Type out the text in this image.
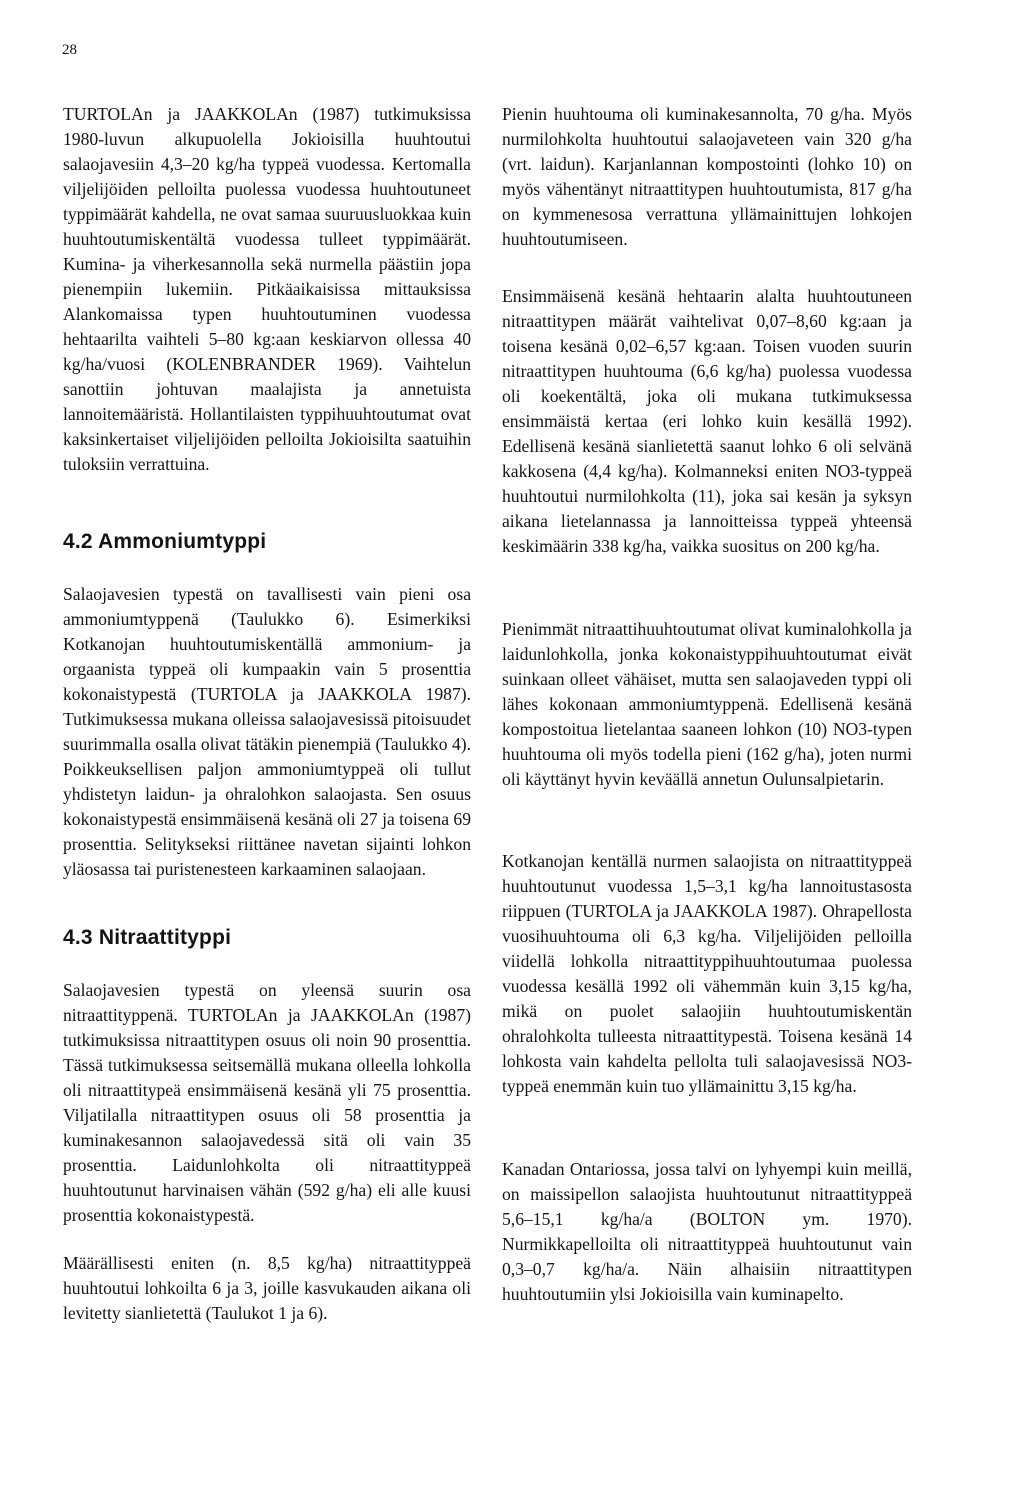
28

TURTOLAn ja JAAKKOLAn (1987) tutkimuksissa 1980-luvun alkupuolella Jokioisilla huuhtoutui salaojavesiin 4,3–20 kg/ha typpeä vuodessa. Kertomalla viljelijöiden pelloilta puolessa vuodessa huuhtoutuneet typpimäärät kahdella, ne ovat samaa suuruusluokkaa kuin huuhtoutumiskentältä vuodessa tulleet typpimäärät. Kumina- ja viherkesannolla sekä nurmella päästiin jopa pienempiin lukemiin. Pitkäaikaisissa mittauksissa Alankomaissa typen huuhtoutuminen vuodessa hehtaarilta vaihteli 5–80 kg:aan keskiarvon ollessa 40 kg/ha/vuosi (KOLENBRANDER 1969). Vaihtelun sanottiin johtuvan maalajista ja annetuista lannoitemääristä. Hollantilaisten typpihuuhtoutumat ovat kaksinkertaiset viljelijöiden pelloilta Jokioisilta saatuihin tuloksiin verrattuina.

4.2 Ammoniumtyppi

Salaojavesien typestä on tavallisesti vain pieni osa ammoniumtyppenä (Taulukko 6). Esimerkiksi Kotkanojan huuhtoutumiskentällä ammonium- ja orgaanista typpeä oli kumpaakin vain 5 prosenttia kokonaistypestä (TURTOLA ja JAAKKOLA 1987). Tutkimuksessa mukana olleissa salaojavesissä pitoisuudet suurimmalla osalla olivat tätäkin pienempiä (Taulukko 4). Poikkeuksellisen paljon ammoniumtyppeä oli tullut yhdistetyn laidun- ja ohralohkon salaojasta. Sen osuus kokonaistypestä ensimmäisenä kesänä oli 27 ja toisena 69 prosenttia. Selitykseksi riittänee navetan sijainti lohkon yläosassa tai puristenesteen karkaaminen salaojaan.

4.3 Nitraattityppi

Salaojavesien typestä on yleensä suurin osa nitraattityppenä. TURTOLAn ja JAAKKOLAn (1987) tutkimuksissa nitraattitypen osuus oli noin 90 prosenttia. Tässä tutkimuksessa seitsemällä mukana olleella lohkolla oli nitraattitypeä ensimmäisenä kesänä yli 75 prosenttia. Viljatilalla nitraattitypen osuus oli 58 prosenttia ja kuminakesannon salaojavedessä sitä oli vain 35 prosenttia. Laidunlohkolta oli nitraattityppeä huuhtoutunut harvinaisen vähän (592 g/ha) eli alle kuusi prosenttia kokonaistypestä.

Määrällisesti eniten (n. 8,5 kg/ha) nitraattityppeä huuhtoutui lohkoilta 6 ja 3, joille kasvukauden aikana oli levitetty sianlietettä (Taulukot 1 ja 6).

Pienin huuhtouma oli kuminakesannolta, 70 g/ha. Myös nurmilohkolta huuhtoutui salaojaveteen vain 320 g/ha (vrt. laidun). Karjanlannan kompostointi (lohko 10) on myös vähentänyt nitraattitypen huuhtoutumista, 817 g/ha on kymmenesosa verrattuna yllämainittujen lohkojen huuhtoutumiseen.

Ensimmäisenä kesänä hehtaarin alalta huuhtoutuneen nitraattitypen määrät vaihtelivat 0,07–8,60 kg:aan ja toisena kesänä 0,02–6,57 kg:aan. Toisen vuoden suurin nitraattitypen huuhtouma (6,6 kg/ha) puolessa vuodessa oli koekentältä, joka oli mukana tutkimuksessa ensimmäistä kertaa (eri lohko kuin kesällä 1992). Edellisenä kesänä sianlietettä saanut lohko 6 oli selvänä kakkosena (4,4 kg/ha). Kolmanneksi eniten NO3-typpeä huuhtoutui nurmilohkolta (11), joka sai kesän ja syksyn aikana lietelannassa ja lannoitteissa typpeä yhteensä keskimäärin 338 kg/ha, vaikka suositus on 200 kg/ha.

Pienimmät nitraattihuuhtoutumat olivat kuminalohkolla ja laidunlohkolla, jonka kokonaistyppihuuhtoutumat eivät suinkaan olleet vähäiset, mutta sen salaojaveden typpi oli lähes kokonaan ammoniumtyppenä. Edellisenä kesänä kompostoitua lietelantaa saaneen lohkon (10) NO3-typen huuhtouma oli myös todella pieni (162 g/ha), joten nurmi oli käyttänyt hyvin keväällä annetun Oulunsalpietarin.

Kotkanojan kentällä nurmen salaojista on nitraattityppeä huuhtoutunut vuodessa 1,5–3,1 kg/ha lannoitustasosta riippuen (TURTOLA ja JAAKKOLA 1987). Ohrapellosta vuosihuuhtouma oli 6,3 kg/ha. Viljelijöiden pelloilla viidellä lohkolla nitraattityppihuuhtoutumaa puolessa vuodessa kesällä 1992 oli vähemmän kuin 3,15 kg/ha, mikä on puolet salaojiin huuhtoutumiskentän ohralohkolta tulleesta nitraattitypestä. Toisena kesänä 14 lohkosta vain kahdelta pellolta tuli salaojavesissä NO3-typpeä enemmän kuin tuo yllämainittu 3,15 kg/ha.

Kanadan Ontariossa, jossa talvi on lyhyempi kuin meillä, on maissipellon salaojista huuhtoutunut nitraattityppeä 5,6–15,1 kg/ha/a (BOLTON ym. 1970). Nurmikkapelloilta oli nitraattityppeä huuhtoutunut vain 0,3–0,7 kg/ha/a. Näin alhaisiin nitraattitypen huuhtoutumiin ylsi Jokioisilla vain kuminapelto.
